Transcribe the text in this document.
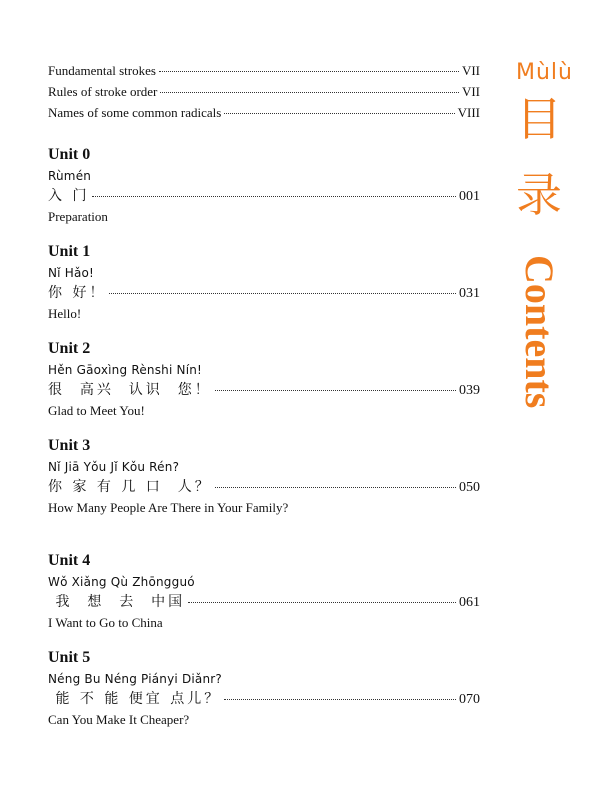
Fundamental strokes	VII
Rules of stroke order	VII
Names of some common radicals	VIII
Unit 0
Rùmén
入 门	001
Preparation
Unit 1
Nǐ Hǎo!
你 好！	031
Hello!
Unit 2
Hěn Gāoxìng Rènshi Nín!
很  高兴  认识  您！	039
Glad to Meet You!
Unit 3
Nǐ Jiā Yǒu Jǐ Kǒu Rén?
你 家 有 几 口  人？	050
How Many People Are There in Your Family?
Unit 4
Wǒ Xiǎng Qù Zhōngguó
我  想  去  中国	061
I Want to Go to China
Unit 5
Néng Bu Néng Piányi Diǎnr?
能 不 能 便宜 点儿？	070
Can You Make It Cheaper?
Mùlù
目
录
Contents
